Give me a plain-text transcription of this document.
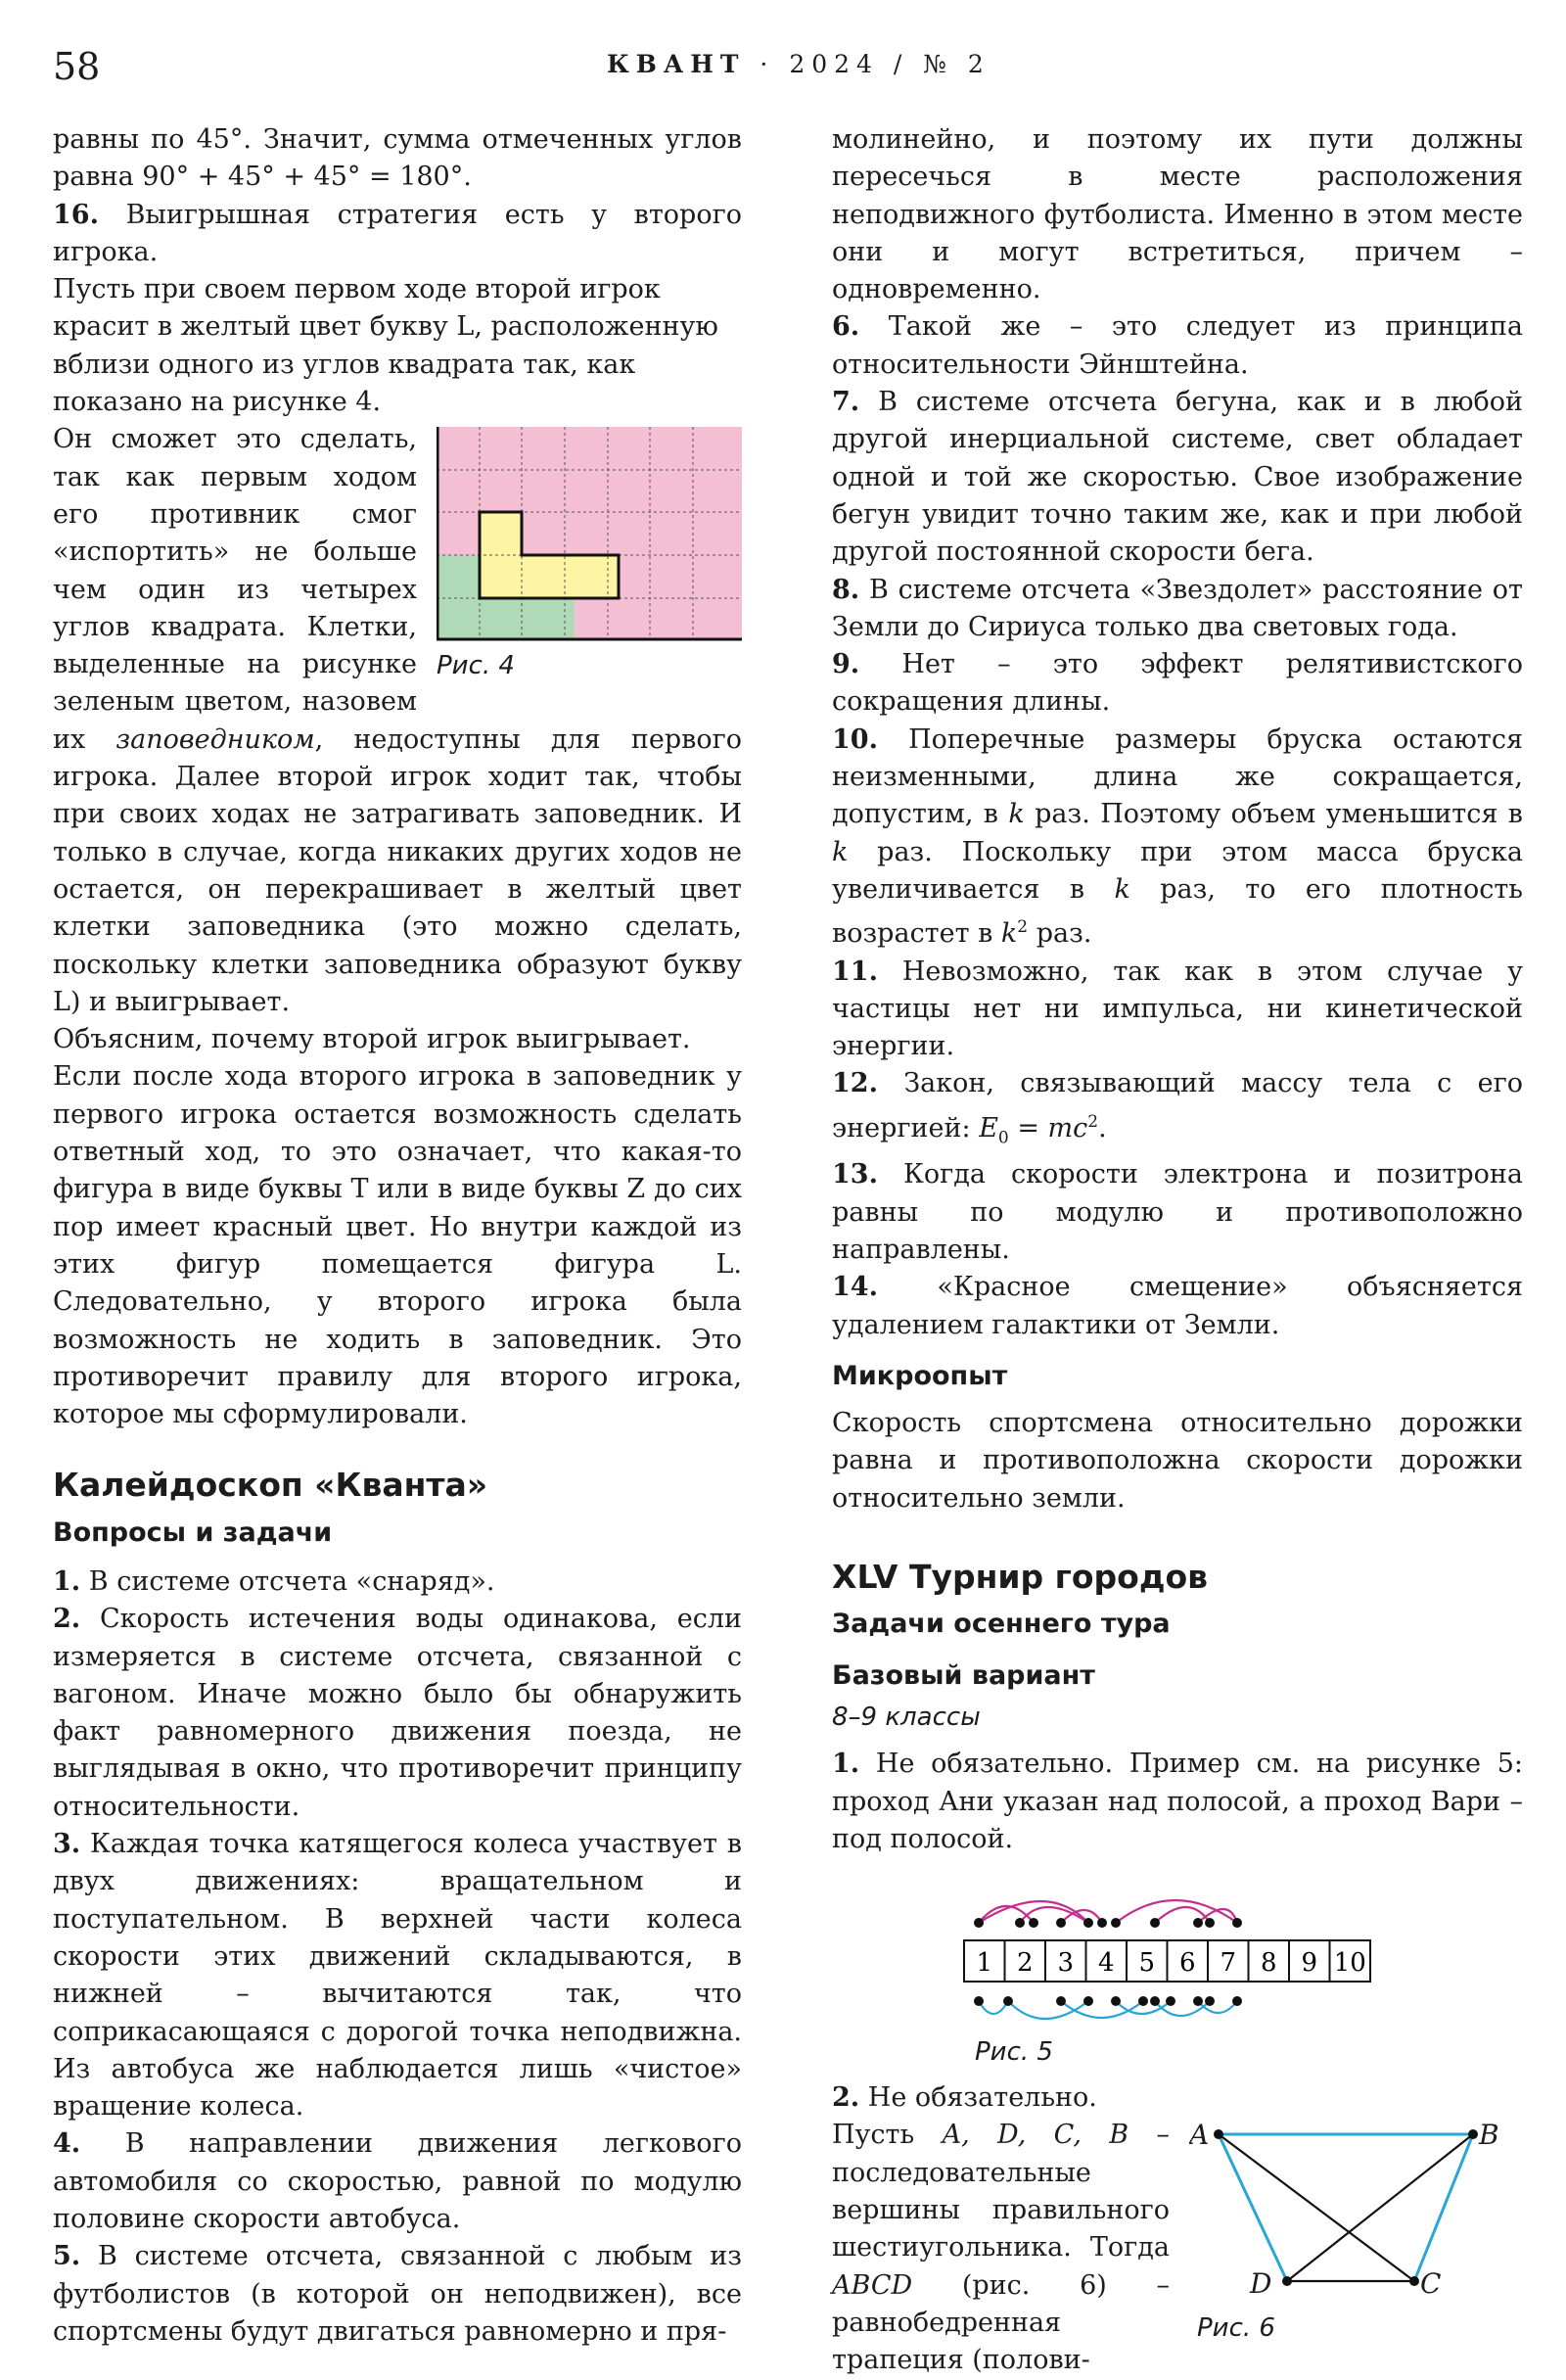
58	КВАНТ · 2024 / № 2

равны по 45°. Значит, сумма отмеченных углов равна 90° + 45° + 45° = 180°.

16. Выигрышная стратегия есть у второго игрока.

Пусть при своем первом ходе второй игрок красит в желтый цвет букву L, расположенную вблизи одного из углов квадрата так, как показано на рисунке 4.

Рис. 4

Он сможет это сделать, так как первым ходом его противник смог «испортить» не больше чем один из четырех углов квадрата. Клетки, выделенные на рисунке зеленым цветом, назовем их заповедником, недоступны для первого игрока. Далее второй игрок ходит так, чтобы при своих ходах не затрагивать заповедник. И только в случае, когда никаких других ходов не остается, он перекрашивает в желтый цвет клетки заповедника (это можно сделать, поскольку клетки заповедника образуют букву L) и выигрывает.

Объясним, почему второй игрок выигрывает.

Если после хода второго игрока в заповедник у первого игрока остается возможность сделать ответный ход, то это означает, что какая-то фигура в виде буквы T или в виде буквы Z до сих пор имеет красный цвет. Но внутри каждой из этих фигур помещается фигура L. Следовательно, у второго игрока была возможность не ходить в заповедник. Это противоречит правилу для второго игрока, которое мы сформулировали.

Калейдоскоп «Кванта»

Вопросы и задачи

1. В системе отсчета «снаряд».

2. Скорость истечения воды одинакова, если измеряется в системе отсчета, связанной с вагоном. Иначе можно было бы обнаружить факт равномерного движения поезда, не выглядывая в окно, что противоречит принципу относительности.

3. Каждая точка катящегося колеса участвует в двух движениях: вращательном и поступательном. В верхней части колеса скорости этих движений складываются, в нижней – вычитаются так, что соприкасающаяся с дорогой точка неподвижна. Из автобуса же наблюдается лишь «чистое» вращение колеса.

4. В направлении движения легкового автомобиля со скоростью, равной по модулю половине скорости автобуса.

5. В системе отсчета, связанной с любым из футболистов (в которой он неподвижен), все спортсмены будут двигаться равномерно и пря-

молинейно, и поэтому их пути должны пересечься в месте расположения неподвижного футболиста. Именно в этом месте они и могут встретиться, причем – одновременно.

6. Такой же – это следует из принципа относительности Эйнштейна.

7. В системе отсчета бегуна, как и в любой другой инерциальной системе, свет обладает одной и той же скоростью. Свое изображение бегун увидит точно таким же, как и при любой другой постоянной скорости бега.

8. В системе отсчета «Звездолет» расстояние от Земли до Сириуса только два световых года.

9. Нет – это эффект релятивистского сокращения длины.

10. Поперечные размеры бруска остаются неизменными, длина же сокращается, допустим, в k раз. Поэтому объем уменьшится в k раз. Поскольку при этом масса бруска увеличивается в k раз, то его плотность возрастет в $k^2$ раз.

11. Невозможно, так как в этом случае у частицы нет ни импульса, ни кинетической энергии.

12. Закон, связывающий массу тела с его энергией: $E_0 = mc^2$.

13. Когда скорости электрона и позитрона равны по модулю и противоположно направлены.

14. «Красное смещение» объясняется удалением галактики от Земли.

Микроопыт

Скорость спортсмена относительно дорожки равна и противоположна скорости дорожки относительно земли.

XLV Турнир городов

Задачи осеннего тура

Базовый вариант

8–9 классы

1. Не обязательно. Пример см. на рисунке 5: проход Ани указан над полосой, а проход Вари – под полосой.

1 2 3 4 5 6 7 8 9 10
Рис. 5
2. Не обязательно.
Пусть A, D, C, B – последовательные вершины правильного шестиугольника. Тогда ABCD (рис. 6) – равнобедренная трапеция (полови-
A	B
D	C
Рис. 6
